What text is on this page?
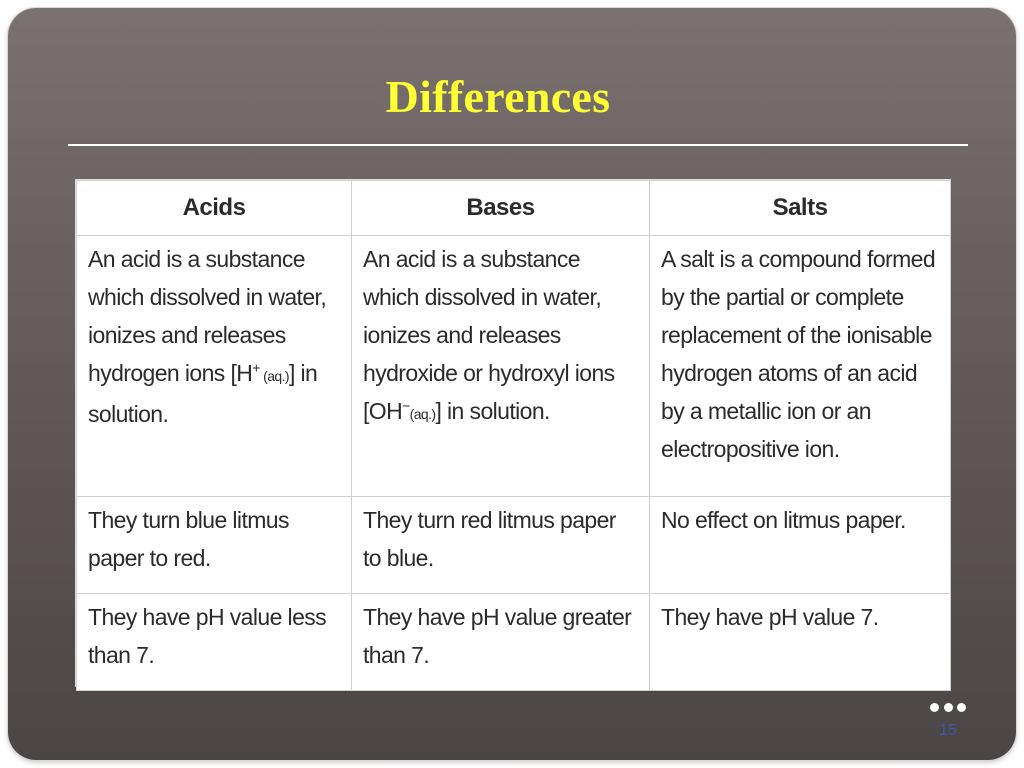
Differences
Acids	Bases	Salts
An acid is a substance which dissolved in water, ionizes and releases hydrogen ions [H+ (aq.)] in solution.	An acid is a substance which dissolved in water, ionizes and releases hydroxide or hydroxyl ions [OH−(aq.)] in solution.	A salt is a compound formed by the partial or complete replacement of the ionisable hydrogen atoms of an acid by a metallic ion or an electropositive ion.
They turn blue litmus paper to red.	They turn red litmus paper to blue.	No effect on litmus paper.
They have pH value less than 7.	They have pH value greater than 7.	They have pH value 7.
15
